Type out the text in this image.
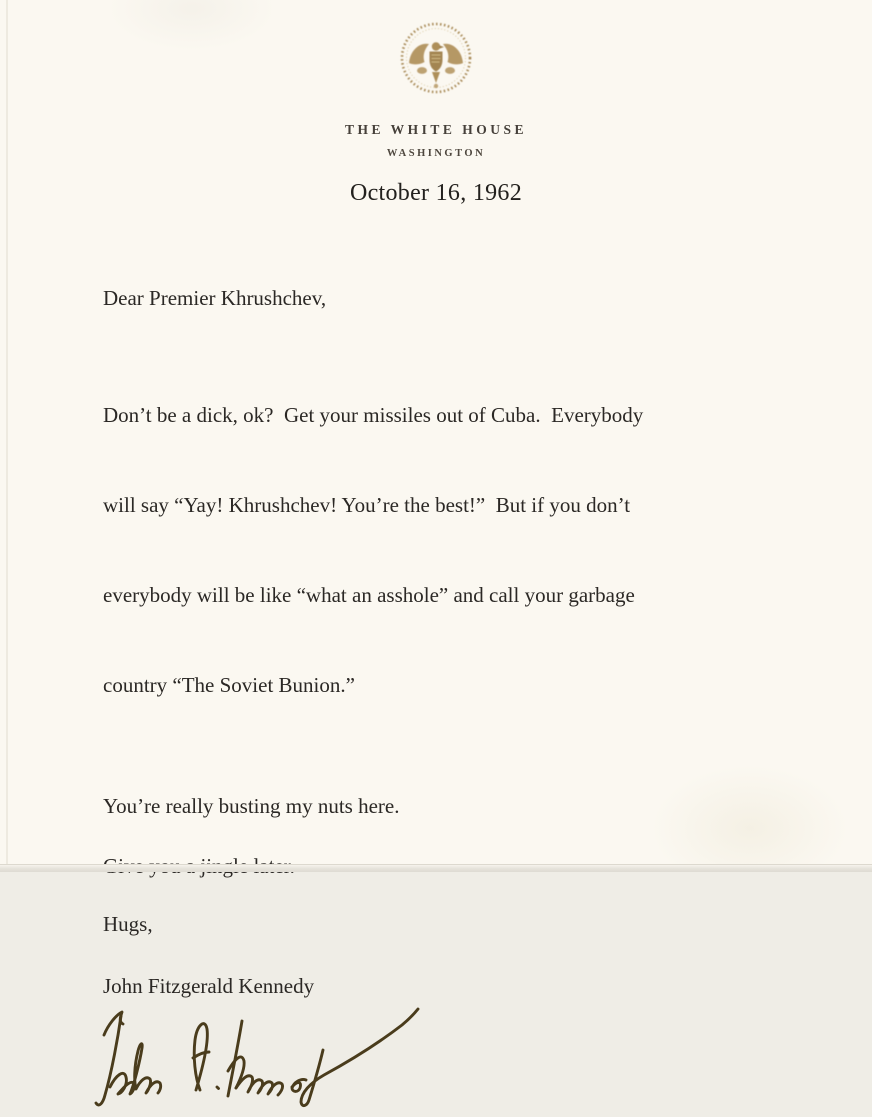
THE WHITE HOUSE
WASHINGTON
October 16, 1962

Dear Premier Khrushchev,

Don’t be a dick, ok?  Get your missiles out of Cuba.  Everybody

will say “Yay! Khrushchev! You’re the best!”  But if you don’t

everybody will be like “what an asshole” and call your garbage

country “The Soviet Bunion.”

You’re really busting my nuts here.

Hugs,

John Fitzgerald Kennedy
